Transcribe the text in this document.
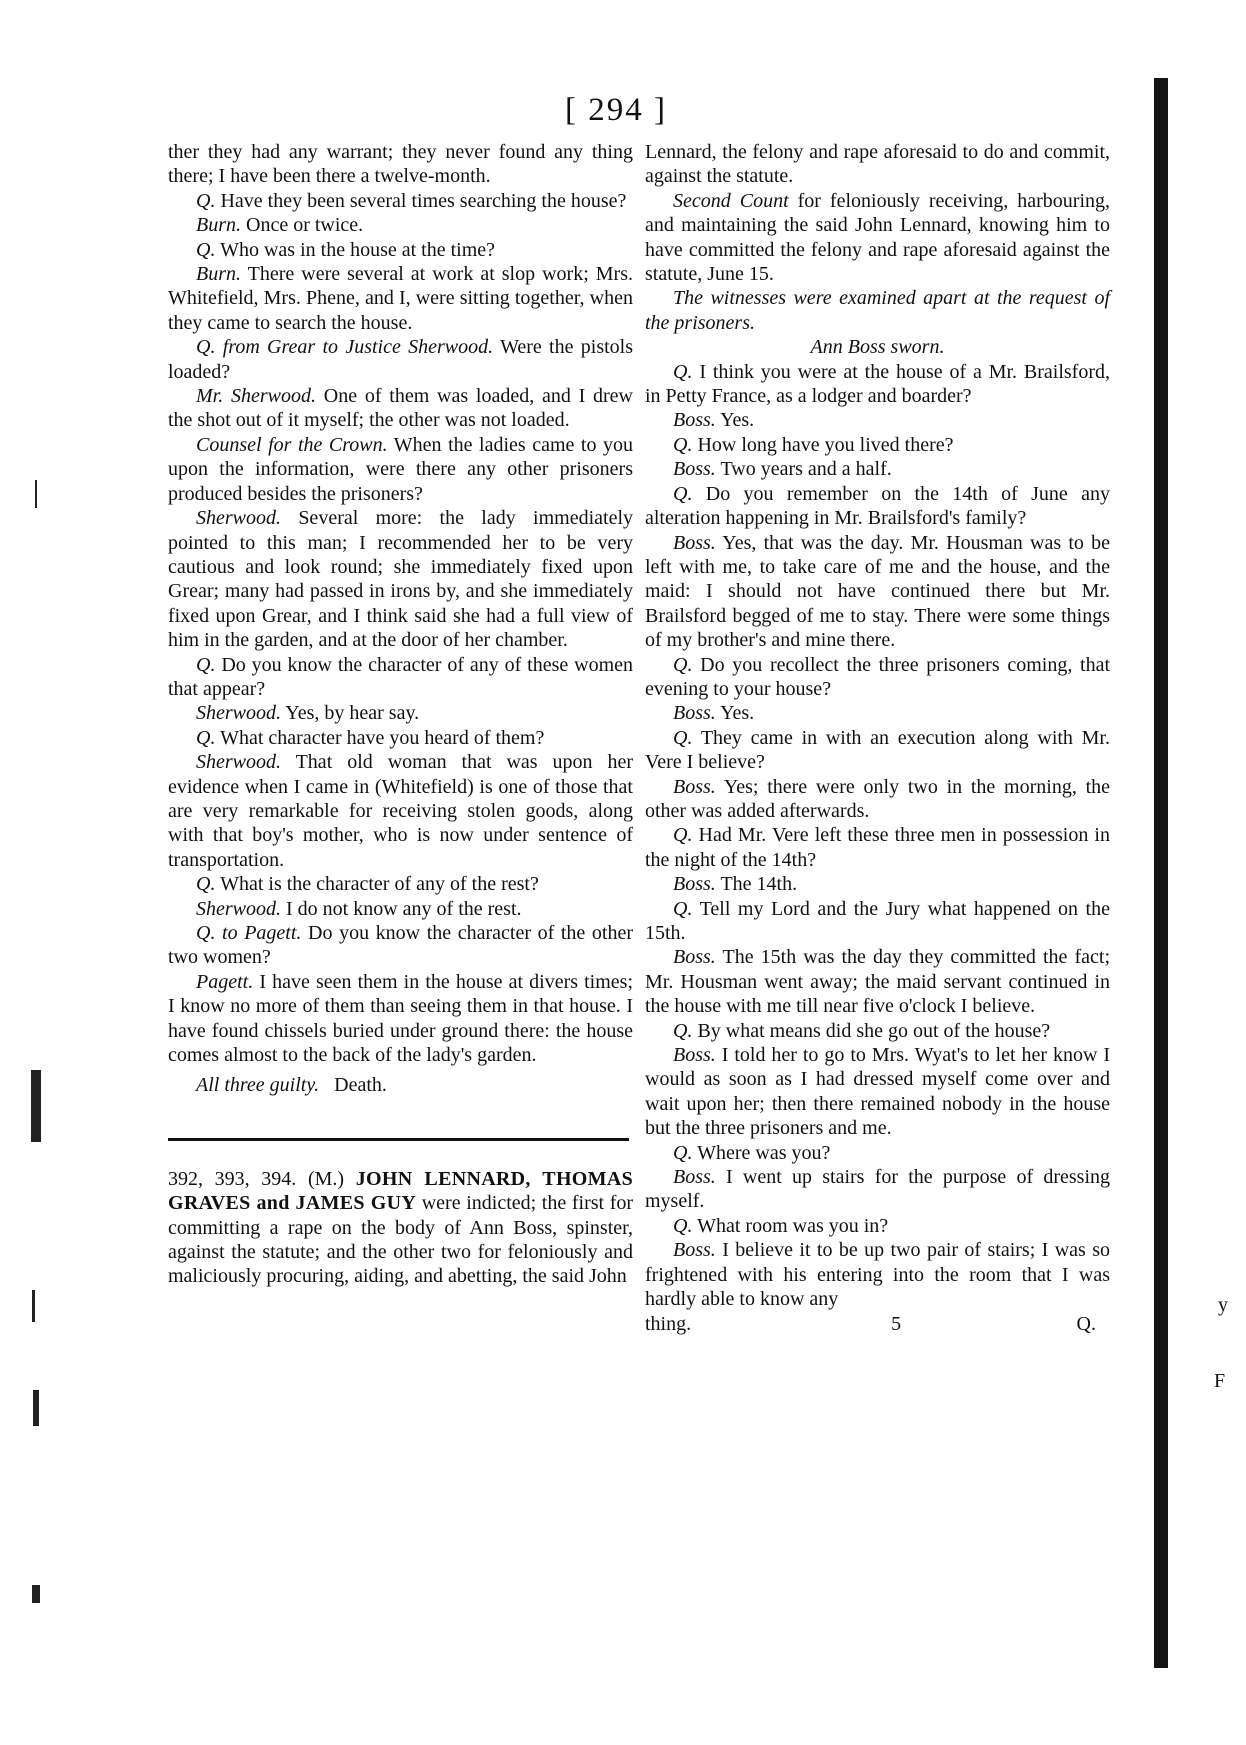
[ 294 ]

ther they had any warrant; they never found any thing there; I have been there a twelve-month.

Q. Have they been several times searching the house?

Burn. Once or twice.

Q. Who was in the house at the time?

Burn. There were several at work at slop work; Mrs. Whitefield, Mrs. Phene, and I, were sitting together, when they came to search the house.

Q. from Grear to Justice Sherwood. Were the pistols loaded?

Mr. Sherwood. One of them was loaded, and I drew the shot out of it myself; the other was not loaded.

Counsel for the Crown. When the ladies came to you upon the information, were there any other prisoners produced besides the prisoners?

Sherwood. Several more: the lady immediately pointed to this man; I recommended her to be very cautious and look round; she immediately fixed upon Grear; many had passed in irons by, and she immediately fixed upon Grear, and I think said she had a full view of him in the garden, and at the door of her chamber.

Q. Do you know the character of any of these women that appear?

Sherwood. Yes, by hear say.

Q. What character have you heard of them?

Sherwood. That old woman that was upon her evidence when I came in (Whitefield) is one of those that are very remarkable for receiving stolen goods, along with that boy's mother, who is now under sentence of transportation.

Q. What is the character of any of the rest?

Sherwood. I do not know any of the rest.

Q. to Pagett. Do you know the character of the other two women?

Pagett. I have seen them in the house at divers times; I know no more of them than seeing them in that house. I have found chissels buried under ground there: the house comes almost to the back of the lady's garden.

All three guilty. Death.

392, 393, 394. (M.) JOHN LENNARD, THOMAS GRAVES and JAMES GUY were indicted; the first for committing a rape on the body of Ann Boss, spinster, against the statute; and the other two for feloniously and maliciously procuring, aiding, and abetting, the said John

Lennard, the felony and rape aforesaid to do and commit, against the statute.

Second Count for feloniously receiving, harbouring, and maintaining the said John Lennard, knowing him to have committed the felony and rape aforesaid against the statute, June 15.

The witnesses were examined apart at the request of the prisoners.

Ann Boss sworn.

Q. I think you were at the house of a Mr. Brailsford, in Petty France, as a lodger and boarder?

Boss. Yes.

Q. How long have you lived there?

Boss. Two years and a half.

Q. Do you remember on the 14th of June any alteration happening in Mr. Brailsford's family?

Boss. Yes, that was the day. Mr. Housman was to be left with me, to take care of me and the house, and the maid: I should not have continued there but Mr. Brailsford begged of me to stay. There were some things of my brother's and mine there.

Q. Do you recollect the three prisoners coming, that evening to your house?

Boss. Yes.

Q. They came in with an execution along with Mr. Vere I believe?

Boss. Yes; there were only two in the morning, the other was added afterwards.

Q. Had Mr. Vere left these three men in possession in the night of the 14th?

Boss. The 14th.

Q. Tell my Lord and the Jury what happened on the 15th.

Boss. The 15th was the day they committed the fact; Mr. Housman went away; the maid servant continued in the house with me till near five o'clock I believe.

Q. By what means did she go out of the house?

Boss. I told her to go to Mrs. Wyat's to let her know I would as soon as I had dressed myself come over and wait upon her; then there remained nobody in the house but the three prisoners and me.

Q. Where was you?

Boss. I went up stairs for the purpose of dressing myself.

Q. What room was you in?

Boss. I believe it to be up two pair of stairs; I was so frightened with his entering into the room that I was hardly able to know any

thing.	5	Q.

y
F
